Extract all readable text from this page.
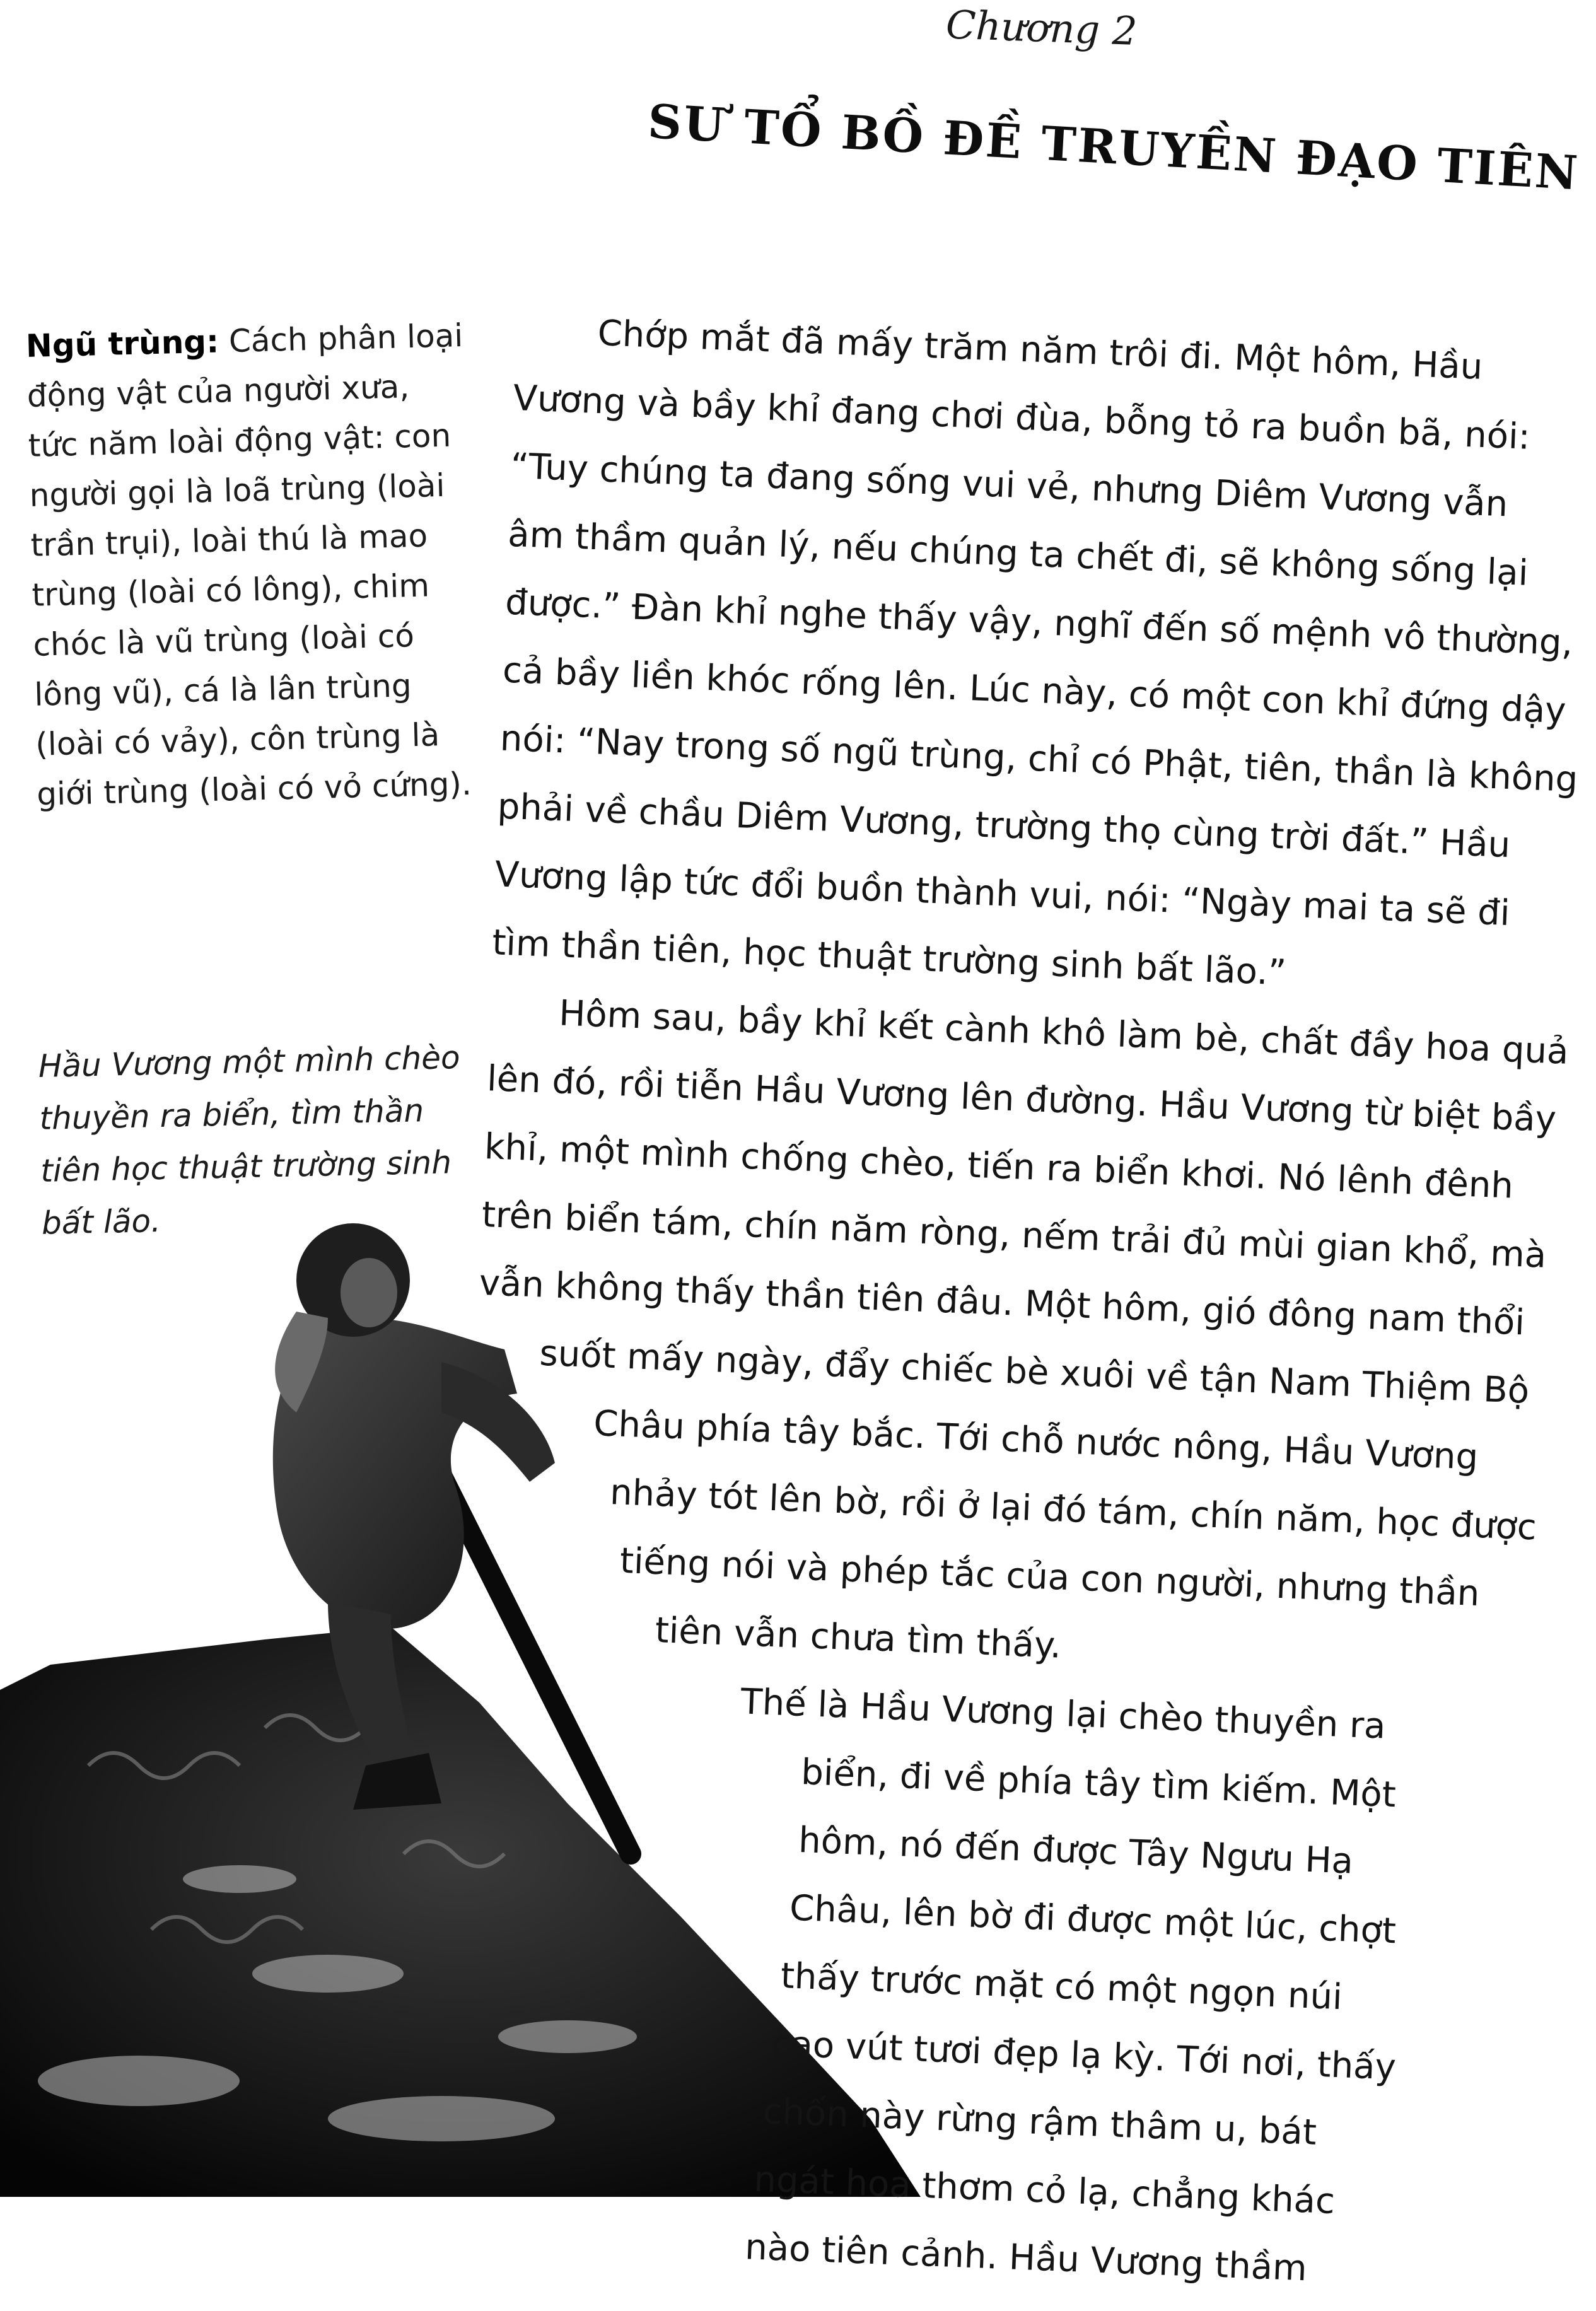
Chương 2
SƯ TỔ BỒ ĐỀ TRUYỀN ĐẠO TIÊN
Ngũ trùng: Cách phân loại động vật của người xưa, tức năm loài động vật: con người gọi là loã trùng (loài trần trụi), loài thú là mao trùng (loài có lông), chim chóc là vũ trùng (loài có lông vũ), cá là lân trùng (loài có vảy), côn trùng là giới trùng (loài có vỏ cứng).
Hầu Vương một mình chèo thuyền ra biển, tìm thần tiên học thuật trường sinh bất lão.
Chớp mắt đã mấy trăm năm trôi đi. Một hôm, Hầu
Vương và bầy khỉ đang chơi đùa, bỗng tỏ ra buồn bã, nói:
“Tuy chúng ta đang sống vui vẻ, nhưng Diêm Vương vẫn
âm thầm quản lý, nếu chúng ta chết đi, sẽ không sống lại
được.” Đàn khỉ nghe thấy vậy, nghĩ đến số mệnh vô thường,
cả bầy liền khóc rống lên. Lúc này, có một con khỉ đứng dậy
nói: “Nay trong số ngũ trùng, chỉ có Phật, tiên, thần là không
phải về chầu Diêm Vương, trường thọ cùng trời đất.” Hầu
Vương lập tức đổi buồn thành vui, nói: “Ngày mai ta sẽ đi
tìm thần tiên, học thuật trường sinh bất lão.”
Hôm sau, bầy khỉ kết cành khô làm bè, chất đầy hoa quả
lên đó, rồi tiễn Hầu Vương lên đường. Hầu Vương từ biệt bầy
khỉ, một mình chống chèo, tiến ra biển khơi. Nó lênh đênh
trên biển tám, chín năm ròng, nếm trải đủ mùi gian khổ, mà
vẫn không thấy thần tiên đâu. Một hôm, gió đông nam thổi
suốt mấy ngày, đẩy chiếc bè xuôi về tận Nam Thiệm Bộ
Châu phía tây bắc. Tới chỗ nước nông, Hầu Vương
nhảy tót lên bờ, rồi ở lại đó tám, chín năm, học được
tiếng nói và phép tắc của con người, nhưng thần
tiên vẫn chưa tìm thấy.
Thế là Hầu Vương lại chèo thuyền ra
biển, đi về phía tây tìm kiếm. Một
hôm, nó đến được Tây Ngưu Hạ
Châu, lên bờ đi được một lúc, chợt
thấy trước mặt có một ngọn núi
cao vút tươi đẹp lạ kỳ. Tới nơi, thấy
chốn này rừng rậm thâm u, bát
ngát hoa thơm cỏ lạ, chẳng khác
nào tiên cảnh. Hầu Vương thầm
